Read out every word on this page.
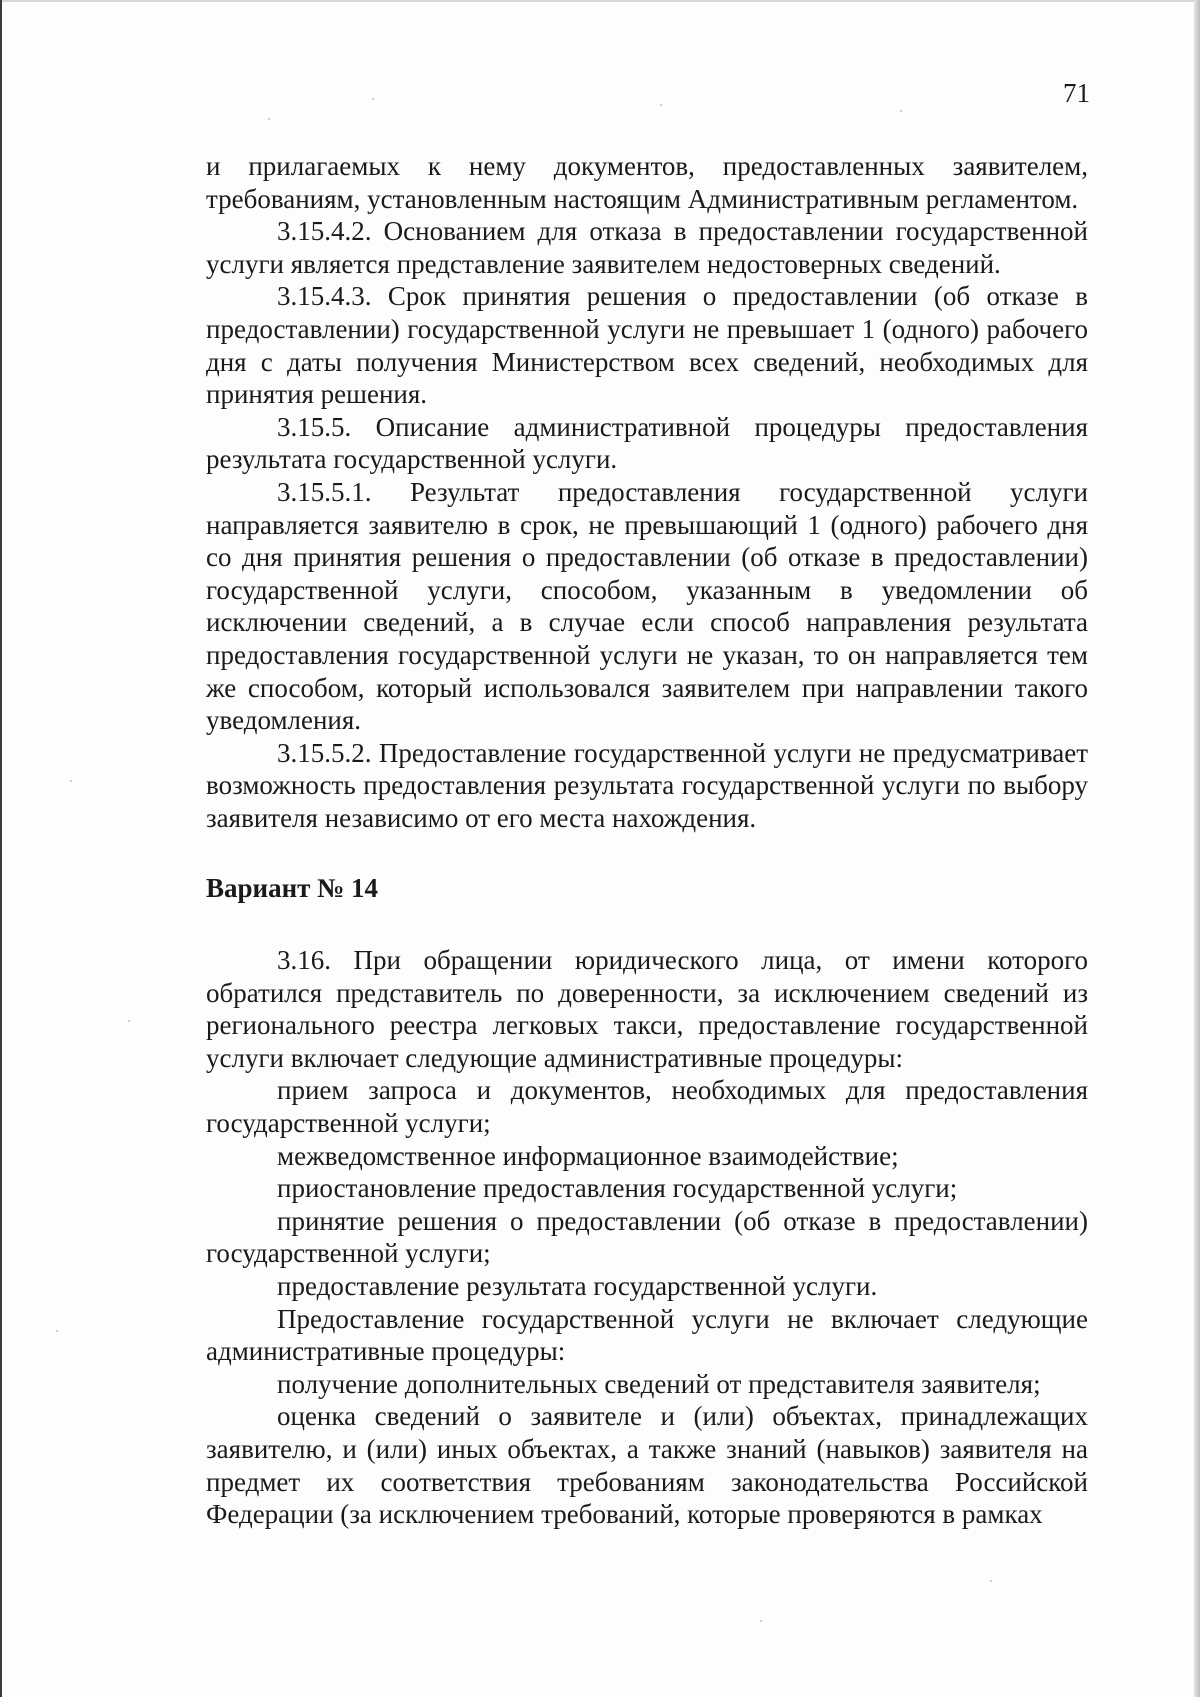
71

и прилагаемых к нему документов, предоставленных заявителем, требованиям, установленным настоящим Административным регламентом.

3.15.4.2. Основанием для отказа в предоставлении государственной услуги является представление заявителем недостоверных сведений.

3.15.4.3. Срок принятия решения о предоставлении (об отказе в предоставлении) государственной услуги не превышает 1 (одного) рабочего дня с даты получения Министерством всех сведений, необходимых для принятия решения.

3.15.5. Описание административной процедуры предоставления результата государственной услуги.

3.15.5.1. Результат предоставления государственной услуги направляется заявителю в срок, не превышающий 1 (одного) рабочего дня со дня принятия решения о предоставлении (об отказе в предоставлении) государственной услуги, способом, указанным в уведомлении об исключении сведений, а в случае если способ направления результата предоставления государственной услуги не указан, то он направляется тем же способом, который использовался заявителем при направлении такого уведомления.

3.15.5.2. Предоставление государственной услуги не предусматривает возможность предоставления результата государственной услуги по выбору заявителя независимо от его места нахождения.

Вариант № 14

3.16. При обращении юридического лица, от имени которого обратился представитель по доверенности, за исключением сведений из регионального реестра легковых такси, предоставление государственной услуги включает следующие административные процедуры:

прием запроса и документов, необходимых для предоставления государственной услуги;

межведомственное информационное взаимодействие;

приостановление предоставления государственной услуги;

принятие решения о предоставлении (об отказе в предоставлении) государственной услуги;

предоставление результата государственной услуги.

Предоставление государственной услуги не включает следующие административные процедуры:

получение дополнительных сведений от представителя заявителя;

оценка сведений о заявителе и (или) объектах, принадлежащих заявителю, и (или) иных объектах, а также знаний (навыков) заявителя на предмет их соответствия требованиям законодательства Российской Федерации (за исключением требований, которые проверяются в рамках
